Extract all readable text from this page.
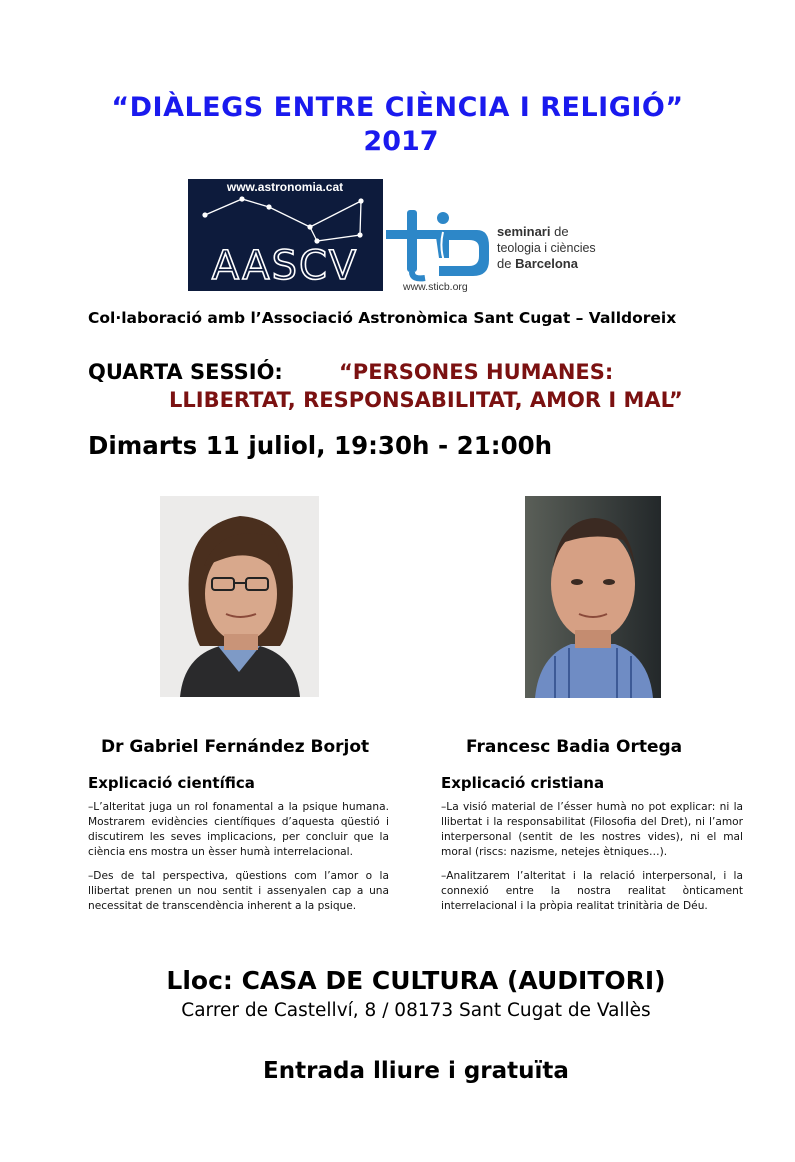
“DIÀLEGS ENTRE CIÈNCIA I RELIGIÓ”
2017
www.astronomia.cat
AASCV
seminari de
teologia i ciències
de Barcelona
www.sticb.org
Col·laboració amb l’Associació Astronòmica Sant Cugat – Valldoreix
QUARTA SESSIÓ:	“PERSONES HUMANES:
LLIBERTAT, RESPONSABILITAT, AMOR I MAL”
Dimarts 11 juliol, 19:30h - 21:00h
Dr Gabriel Fernández Borjot	Francesc Badia Ortega
Explicació científica	Explicació cristiana
–L’alteritat juga un rol fonamental a la psique humana. Mostrarem evidències científiques d’aquesta qüestió i discutirem les seves implicacions, per concluir que la ciència ens mostra un èsser humà interrelacional.
–Des de tal perspectiva, qüestions com l’amor o la llibertat prenen un nou sentit i assenyalen cap a una necessitat de transcendència inherent a la psique.
–La visió material de l’ésser humà no pot explicar: ni la llibertat i la responsabilitat (Filosofia del Dret), ni l’amor interpersonal (sentit de les nostres vides), ni el mal moral (riscs: nazisme, netejes ètniques…).
–Analitzarem l’alteritat i la relació interpersonal, i la connexió entre la nostra realitat ònticament interrelacional i la pròpia realitat trinitària de Déu.
Lloc: CASA DE CULTURA (AUDITORI)
Carrer de Castellví, 8 / 08173 Sant Cugat de Vallès
Entrada lliure i gratuïta
